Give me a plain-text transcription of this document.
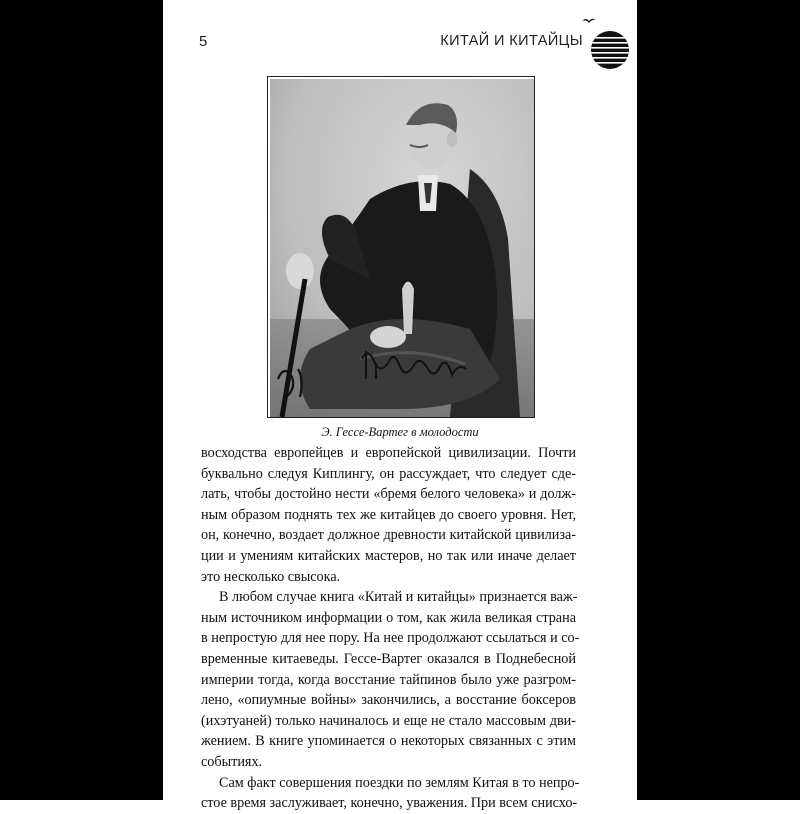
5	КИТАЙ И КИТАЙЦЫ
Э. Гессе-Вартег в молодости
восходства европейцев и европейской цивилизации. Почти
буквально следуя Киплингу, он рассуждает, что следует сде-
лать, чтобы достойно нести «бремя белого человека» и долж-
ным образом поднять тех же китайцев до своего уровня. Нет,
он, конечно, воздает должное древности китайской цивилиза-
ции и умениям китайских мастеров, но так или иначе делает
это несколько свысока.
В любом случае книга «Китай и китайцы» признается важ-
ным источником информации о том, как жила великая страна
в непростую для нее пору. На нее продолжают ссылаться и со-
временные китаеведы. Гессе-Вартег оказался в Поднебесной
империи тогда, когда восстание тайпинов было уже разгром-
лено, «опиумные войны» закончились, а восстание боксеров
(ихэтуаней) только начиналось и еще не стало массовым дви-
жением. В книге упоминается о некоторых связанных с этим
событиях.
Сам факт совершения поездки по землям Китая в то непро-
стое время заслуживает, конечно, уважения. При всем снисхо-
